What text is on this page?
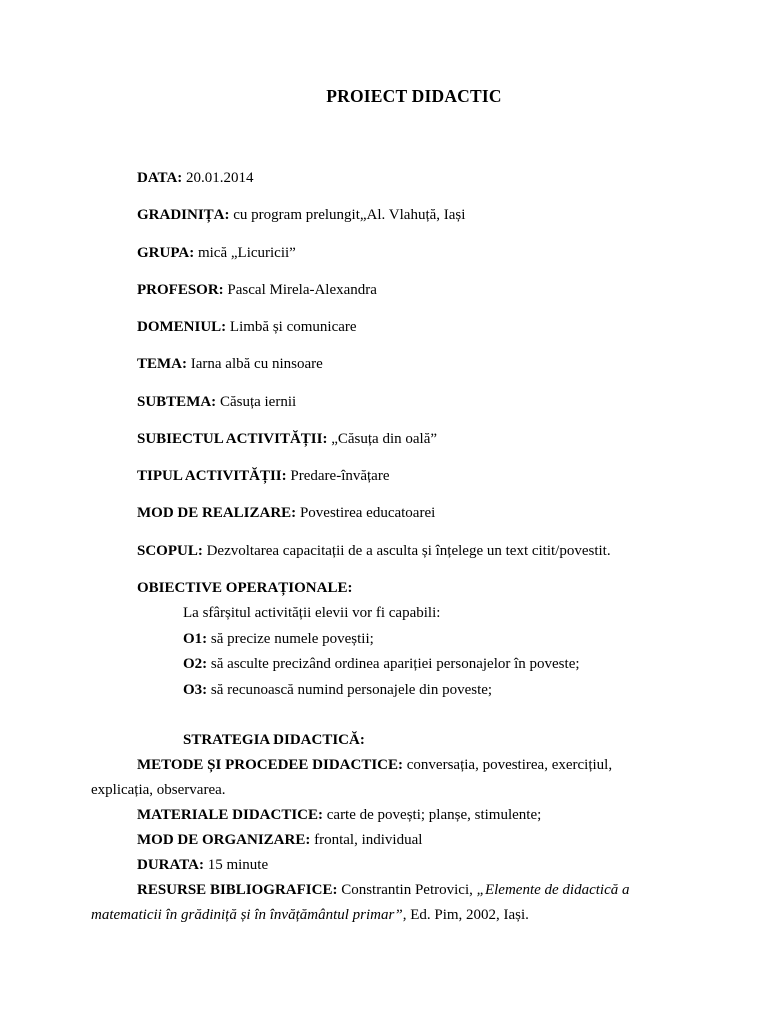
PROIECT DIDACTIC
DATA: 20.01.2014
GRADINIȚA: cu program prelungit„Al. Vlahuță, Iași
GRUPA: mică „Licuricii”
PROFESOR: Pascal Mirela-Alexandra
DOMENIUL: Limbă și comunicare
TEMA: Iarna albă cu ninsoare
SUBTEMA: Căsuța iernii
SUBIECTUL ACTIVITĂȚII: „Căsuța din oală”
TIPUL ACTIVITĂȚII: Predare-învățare
MOD DE REALIZARE: Povestirea educatoarei
SCOPUL: Dezvoltarea capacitații de a asculta și înțelege un text citit/povestit.
OBIECTIVE OPERAȚIONALE:
La sfârșitul activității elevii vor fi capabili:
O1: să precize numele poveștii;
O2: să asculte precizând ordinea apariției personajelor în poveste;
O3: să recunoască numind personajele din poveste;
STRATEGIA DIDACTICĂ:
METODE ȘI PROCEDEE DIDACTICE: conversația, povestirea, exercițiul,
explicația, observarea.
MATERIALE DIDACTICE: carte de povești; planșe, stimulente;
MOD DE ORGANIZARE: frontal, individual
DURATA: 15 minute
RESURSE BIBLIOGRAFICE: Constrantin Petrovici, „Elemente de didactică a
matematicii în grădiniță și în învățământul primar”, Ed. Pim, 2002, Iași.
